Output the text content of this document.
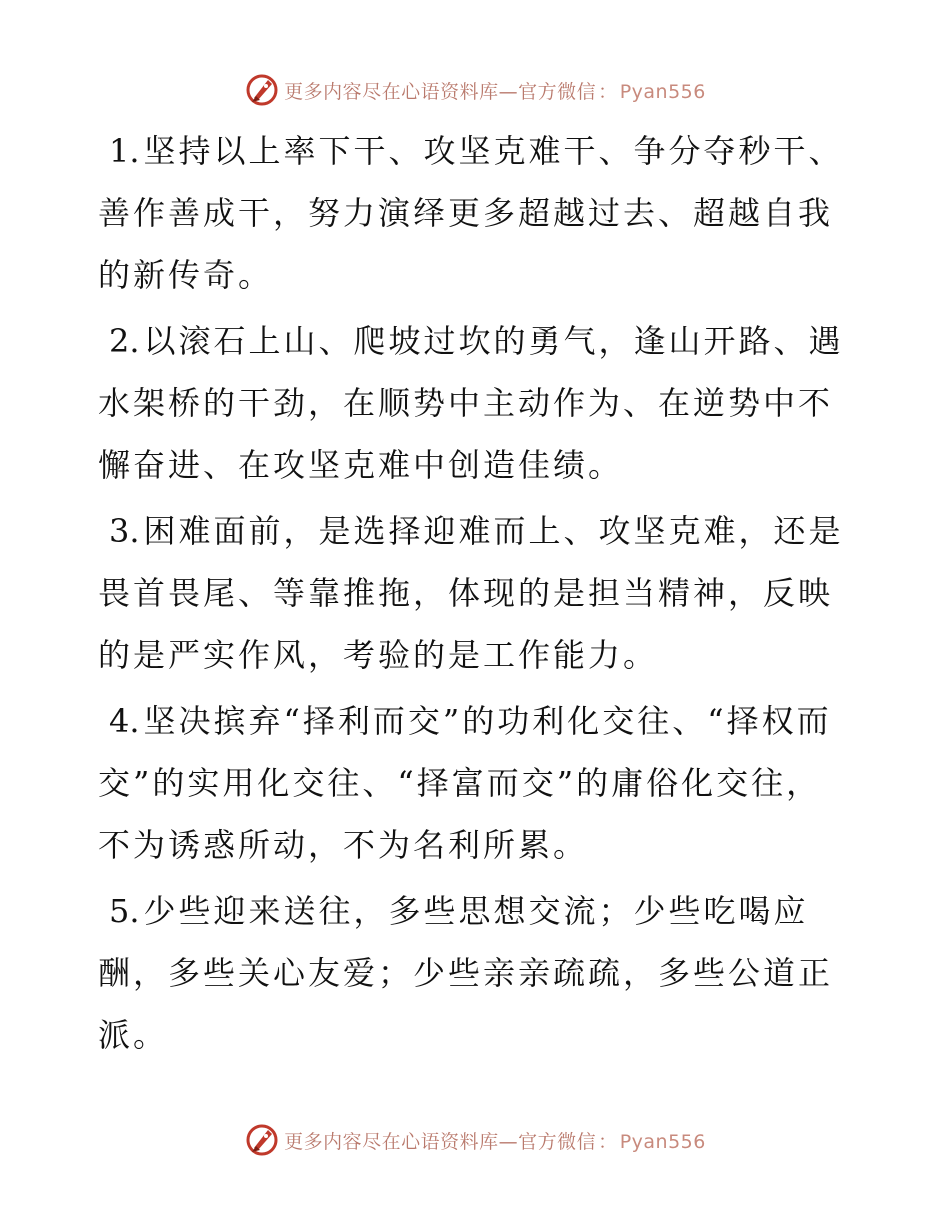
更多内容尽在心语资料库—官方微信 ： Pyan556

1. 坚持以上率下干、攻坚克难干、争分夺秒干、善作善成干，努力演绎更多超越过去、超越自我的新传奇。

2. 以滚石上山、爬坡过坎的勇气，逢山开路、遇水架桥的干劲，在顺势中主动作为、在逆势中不懈奋进、在攻坚克难中创造佳绩。

3. 困难面前，是选择迎难而上、攻坚克难，还是畏首畏尾、等靠推拖，体现的是担当精神，反映的是严实作风，考验的是工作能力。

4. 坚决摈弃“择利而交”的功利化交往、“择权而交”的实用化交往、“择富而交”的庸俗化交往，不为诱惑所动，不为名利所累。

5. 少些迎来送往，多些思想交流；少些吃喝应酬，多些关心友爱；少些亲亲疏疏，多些公道正派。

更多内容尽在心语资料库—官方微信 ： Pyan556
